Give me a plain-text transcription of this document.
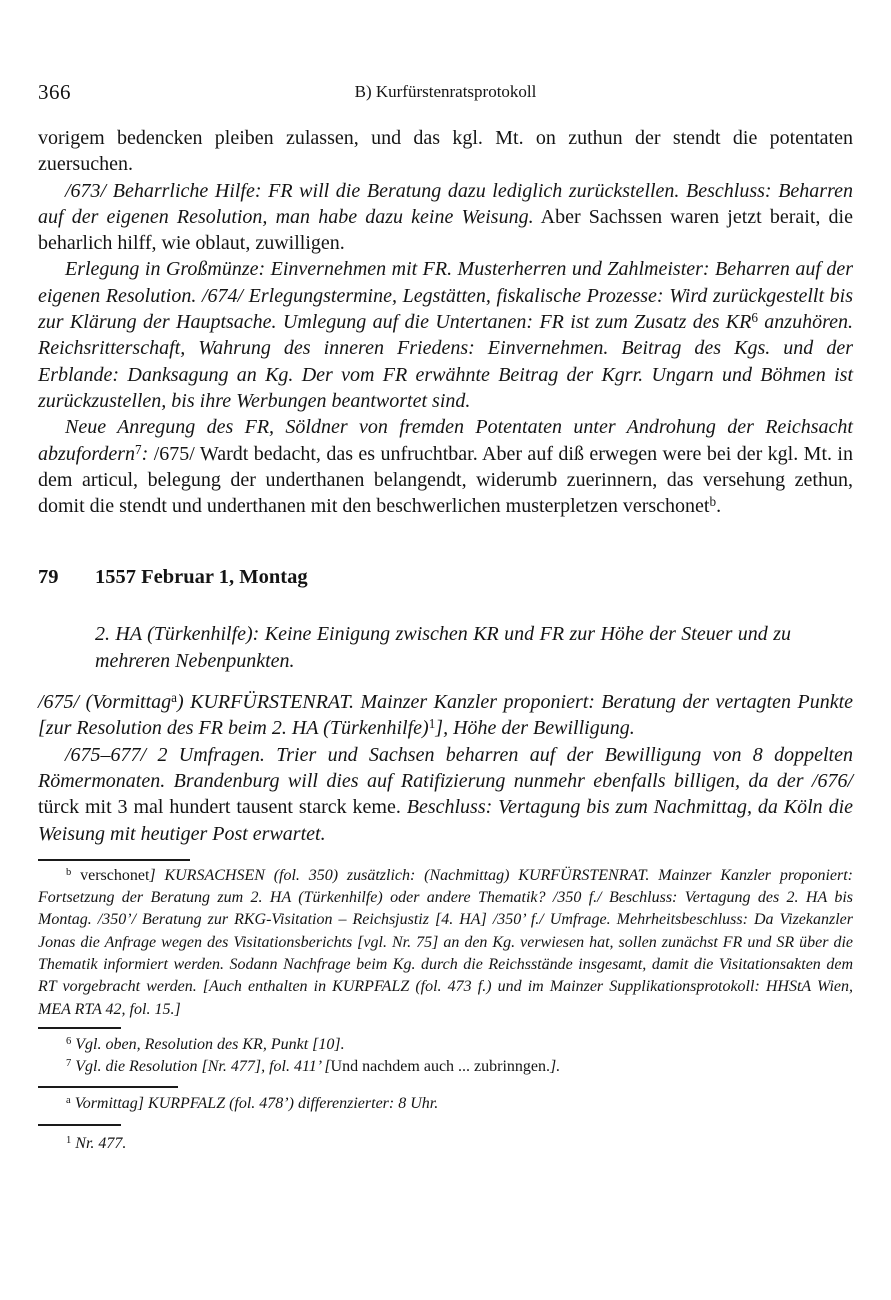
366	B) Kurfürstenratsprotokoll

vorigem bedencken pleiben zulassen, und das kgl. Mt. on zuthun der stendt die potentaten zuersuchen.

/673/ Beharrliche Hilfe: FR will die Beratung dazu lediglich zurückstellen. Beschluss: Beharren auf der eigenen Resolution, man habe dazu keine Weisung. Aber Sachssen waren jetzt berait, die beharlich hilff, wie oblaut, zuwilligen.

Erlegung in Großmünze: Einvernehmen mit FR. Musterherren und Zahlmeister: Beharren auf der eigenen Resolution. /674/ Erlegungstermine, Legstätten, fiskalische Prozesse: Wird zurückgestellt bis zur Klärung der Hauptsache. Umlegung auf die Untertanen: FR ist zum Zusatz des $KR^6$ anzuhören. Reichsritterschaft, Wahrung des inneren Friedens: Einvernehmen. Beitrag des Kgs. und der Erblande: Danksagung an Kg. Der vom FR erwähnte Beitrag der Kgrr. Ungarn und Böhmen ist zurückzustellen, bis ihre Werbungen beantwortet sind.

Neue Anregung des FR, Söldner von fremden Potentaten unter Androhung der Reichsacht abzufordern$^7$: /675/ Wardt bedacht, das es unfruchtbar. Aber auf diß erwegen were bei der kgl. Mt. in dem articul, belegung der underthanen belangendt, widerumb zuerinnern, das versehung zethun, domit die stendt und underthanen mit den beschwerlichen musterpletzen verschonet$^b$.

79 1557 Februar 1, Montag

2. HA (Türkenhilfe): Keine Einigung zwischen KR und FR zur Höhe der Steuer und zu mehreren Nebenpunkten.

/675/ (Vormittag$^a$) KURFÜRSTENRAT. Mainzer Kanzler proponiert: Beratung der vertagten Punkte [zur Resolution des FR beim 2. HA (Türkenhilfe)$^1$], Höhe der Bewilligung.

/675–677/ 2 Umfragen. Trier und Sachsen beharren auf der Bewilligung von 8 doppelten Römermonaten. Brandenburg will dies auf Ratifizierung nunmehr ebenfalls billigen, da der /676/ türck mit 3 mal hundert tausent starck keme. Beschluss: Vertagung bis zum Nachmittag, da Köln die Weisung mit heutiger Post erwartet.

$^b$ verschonet] KURSACHSEN (fol. 350) zusätzlich: (Nachmittag) KURFÜRSTENRAT. Mainzer Kanzler proponiert: Fortsetzung der Beratung zum 2. HA (Türkenhilfe) oder andere Thematik? /350 f./ Beschluss: Vertagung des 2. HA bis Montag. /350’/ Beratung zur RKG-Visitation – Reichsjustiz [4. HA] /350’ f./ Umfrage. Mehrheitsbeschluss: Da Vizekanzler Jonas die Anfrage wegen des Visitationsberichts [vgl. Nr. 75] an den Kg. verwiesen hat, sollen zunächst FR und SR über die Thematik informiert werden. Sodann Nachfrage beim Kg. durch die Reichsstände insgesamt, damit die Visitationsakten dem RT vorgebracht werden. [Auch enthalten in KURPFALZ (fol. 473 f.) und im Mainzer Supplikationsprotokoll: HHStA Wien, MEA RTA 42, fol. 15.]

$^6$ Vgl. oben, Resolution des KR, Punkt [10].

$^7$ Vgl. die Resolution [Nr. 477], fol. 411’ [Und nachdem auch ... zubrinngen.].

$^a$ Vormittag] KURPFALZ (fol. 478’) differenzierter: 8 Uhr.

$^1$ Nr. 477.
